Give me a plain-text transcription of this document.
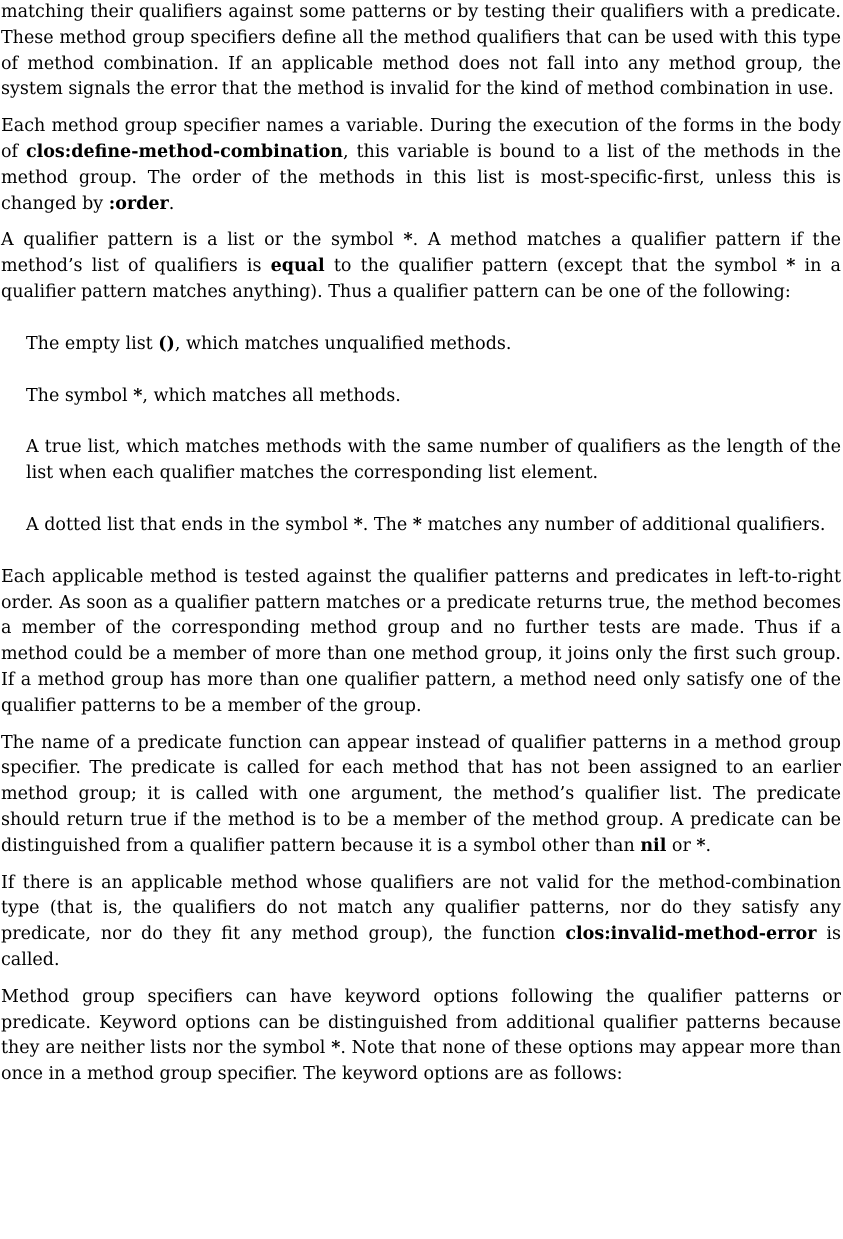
matching their qualifiers against some patterns or by testing their qualifiers with a predicate. These method group specifiers define all the method qualifiers that can be used with this type of method combination. If an applicable method does not fall into any method group, the system signals the error that the method is invalid for the kind of method combination in use.

Each method group specifier names a variable. During the execution of the forms in the body of clos:define-method-combination, this variable is bound to a list of the methods in the method group. The order of the methods in this list is most-specific-first, unless this is changed by :order.

A qualifier pattern is a list or the symbol *. A method matches a qualifier pattern if the method’s list of qualifiers is equal to the qualifier pattern (except that the symbol * in a qualifier pattern matches anything). Thus a qualifier pattern can be one of the following:

The empty list (), which matches unqualified methods.

The symbol *, which matches all methods.

A true list, which matches methods with the same number of qualifiers as the length of the list when each qualifier matches the corresponding list element.

A dotted list that ends in the symbol *. The * matches any number of additional qualifiers.

Each applicable method is tested against the qualifier patterns and predicates in left-to-right order. As soon as a qualifier pattern matches or a predicate returns true, the method becomes a member of the corresponding method group and no further tests are made. Thus if a method could be a member of more than one method group, it joins only the first such group. If a method group has more than one qualifier pattern, a method need only satisfy one of the qualifier patterns to be a member of the group.

The name of a predicate function can appear instead of qualifier patterns in a method group specifier. The predicate is called for each method that has not been assigned to an earlier method group; it is called with one argument, the method’s qualifier list. The predicate should return true if the method is to be a member of the method group. A predicate can be distinguished from a qualifier pattern because it is a symbol other than nil or *.

If there is an applicable method whose qualifiers are not valid for the method-combination type (that is, the qualifiers do not match any qualifier patterns, nor do they satisfy any predicate, nor do they fit any method group), the function clos:invalid-method-error is called.

Method group specifiers can have keyword options following the qualifier patterns or predicate. Keyword options can be distinguished from additional qualifier patterns because they are neither lists nor the symbol *. Note that none of these options may appear more than once in a method group specifier. The keyword options are as follows:
